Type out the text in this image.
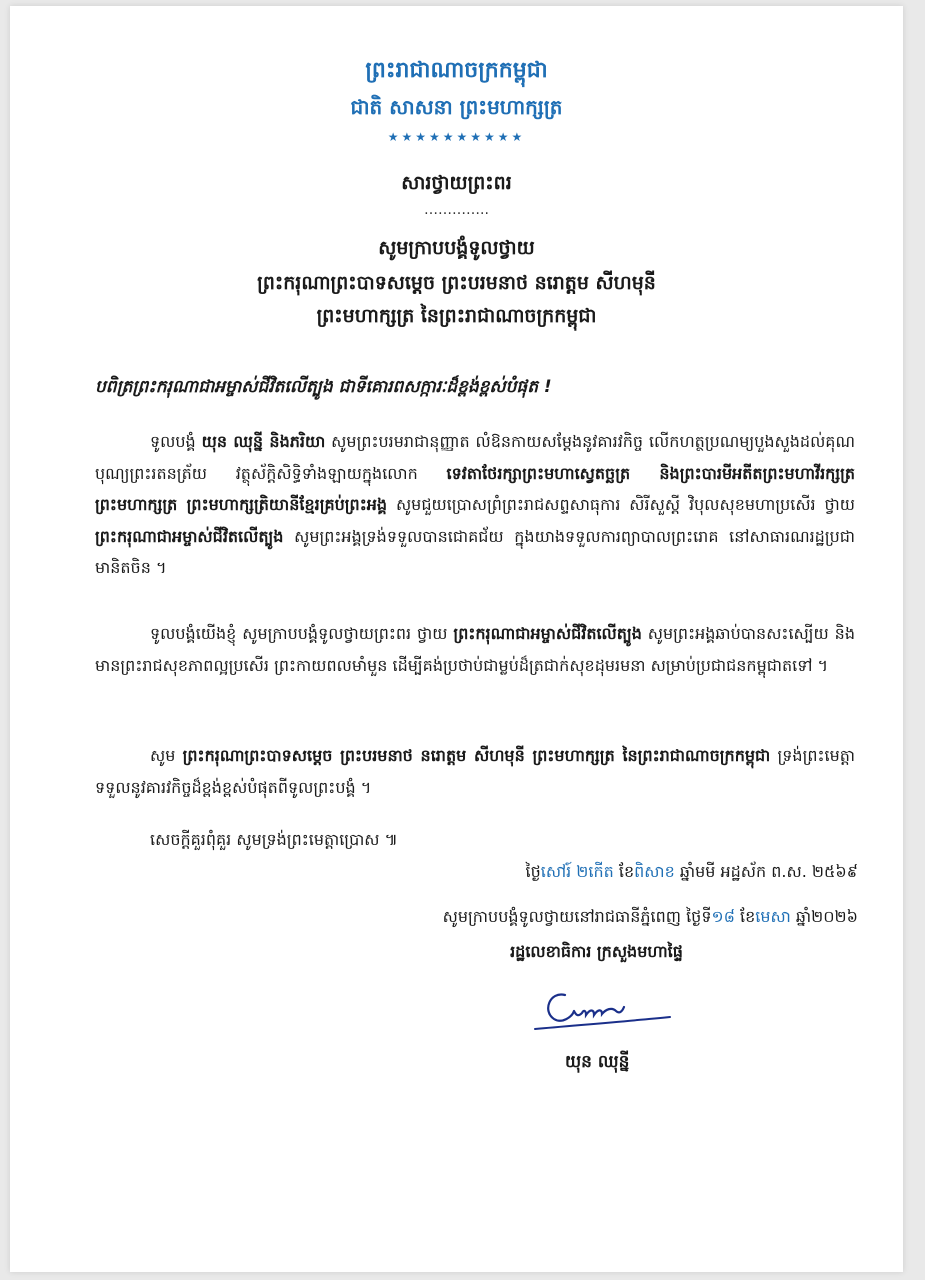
ព្រះរាជាណាចក្រកម្ពុជា
ជាតិ សាសនា ព្រះមហាក្សត្រ
★★★★★★★★★★
សារថ្វាយព្រះពរ
…………..
សូមក្រាបបង្គំទូលថ្វាយ
ព្រះករុណាព្រះបាទសម្តេច ព្រះបរមនាថ នរោត្តម សីហមុនី
ព្រះមហាក្សត្រ នៃព្រះរាជាណាចក្រកម្ពុជា
បពិត្រព្រះករុណាជាអម្ចាស់ជីវិតលើត្បូង ជាទីគោរពសក្ការៈដ៏ខ្ពង់ខ្ពស់បំផុត !
ទូលបង្គំ យុន ឈុន្នី និងភរិយា សូមព្រះបរមរាជានុញ្ញាត លំឱនកាយសម្តែងនូវគារវកិច្ច លើកហត្ថប្រណម្យបួងសួងដល់គុណបុណ្យព្រះរតនត្រ័យ វត្ថុស័ក្តិសិទ្ធិទាំងឡាយក្នុងលោក ទេវតាថែរក្សាព្រះមហាស្វេតច្ឆត្រ និងព្រះបារមីអតីតព្រះមហាវីរក្សត្រ ព្រះមហាក្សត្រ ព្រះមហាក្សត្រិយានីខ្មែរគ្រប់ព្រះអង្គ សូមជួយប្រោសព្រំព្រះរាជសព្ទសាធុការ សិរីសួស្តី វិបុលសុខមហាប្រសើរ ថ្វាយ ព្រះករុណាជាអម្ចាស់ជីវិតលើត្បូង សូមព្រះអង្គទ្រង់ទទួលបានជោគជ័យ ក្នុងយាងទទួលការព្យាបាលព្រះរោគ នៅសាធារណរដ្ឋប្រជាមានិតចិន ។
ទូលបង្គំយើងខ្ញុំ សូមក្រាបបង្គំទូលថ្វាយព្រះពរ ថ្វាយ ព្រះករុណាជាអម្ចាស់ជីវិតលើត្បូង សូមព្រះអង្គឆាប់បានសះស្បើយ និងមានព្រះរាជសុខភាពល្អប្រសើរ ព្រះកាយពលមាំមួន ដើម្បីគង់ប្រថាប់ជាម្លប់ដ៏ត្រជាក់សុខដុមរមនា សម្រាប់ប្រជាជនកម្ពុជាតទៅ ។
សូម ព្រះករុណាព្រះបាទសម្តេច ព្រះបរមនាថ នរោត្តម សីហមុនី ព្រះមហាក្សត្រ នៃព្រះរាជាណាចក្រកម្ពុជា ទ្រង់ព្រះមេត្តាទទួលនូវគារវកិច្ចដ៏ខ្ពង់ខ្ពស់បំផុតពីទូលព្រះបង្គំ ។
សេចក្តីគួរពុំគួរ សូមទ្រង់ព្រះមេត្តាប្រោស ៕
ថ្ងៃសៅរ៍ ២កើត ខែពិសាខ ឆ្នាំមមី អដ្ឋស័ក ព.ស. ២៥៦៩
សូមក្រាបបង្គំទូលថ្វាយនៅរាជធានីភ្នំពេញ ថ្ងៃទី១៨ ខែមេសា ឆ្នាំ២០២៦
រដ្ឋលេខាធិការ ក្រសួងមហាផ្ទៃ
យុន ឈុន្នី
